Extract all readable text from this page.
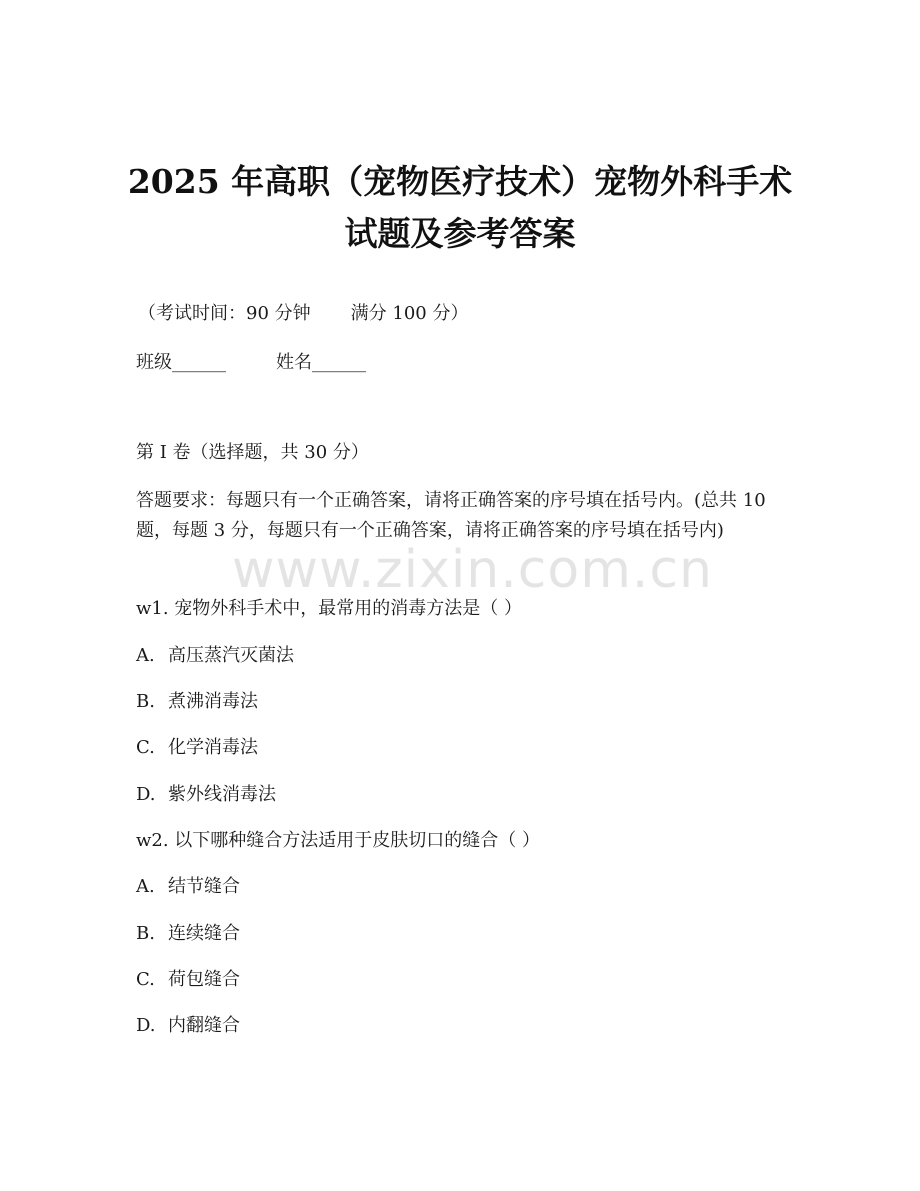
2025 年高职（宠物医疗技术）宠物外科手术
试题及参考答案
（考试时间：90 分钟 满分 100 分）
班级______	姓名______
第 I 卷（选择题，共 30 分）
答题要求：每题只有一个正确答案，请将正确答案的序号填在括号内。(总共 10 题，每题 3 分，每题只有一个正确答案，请将正确答案的序号填在括号内)
www.zixin.com.cn
w1. 宠物外科手术中，最常用的消毒方法是（ ）
A. 高压蒸汽灭菌法
B. 煮沸消毒法
C. 化学消毒法
D. 紫外线消毒法
w2. 以下哪种缝合方法适用于皮肤切口的缝合（ ）
A. 结节缝合
B. 连续缝合
C. 荷包缝合
D. 内翻缝合
